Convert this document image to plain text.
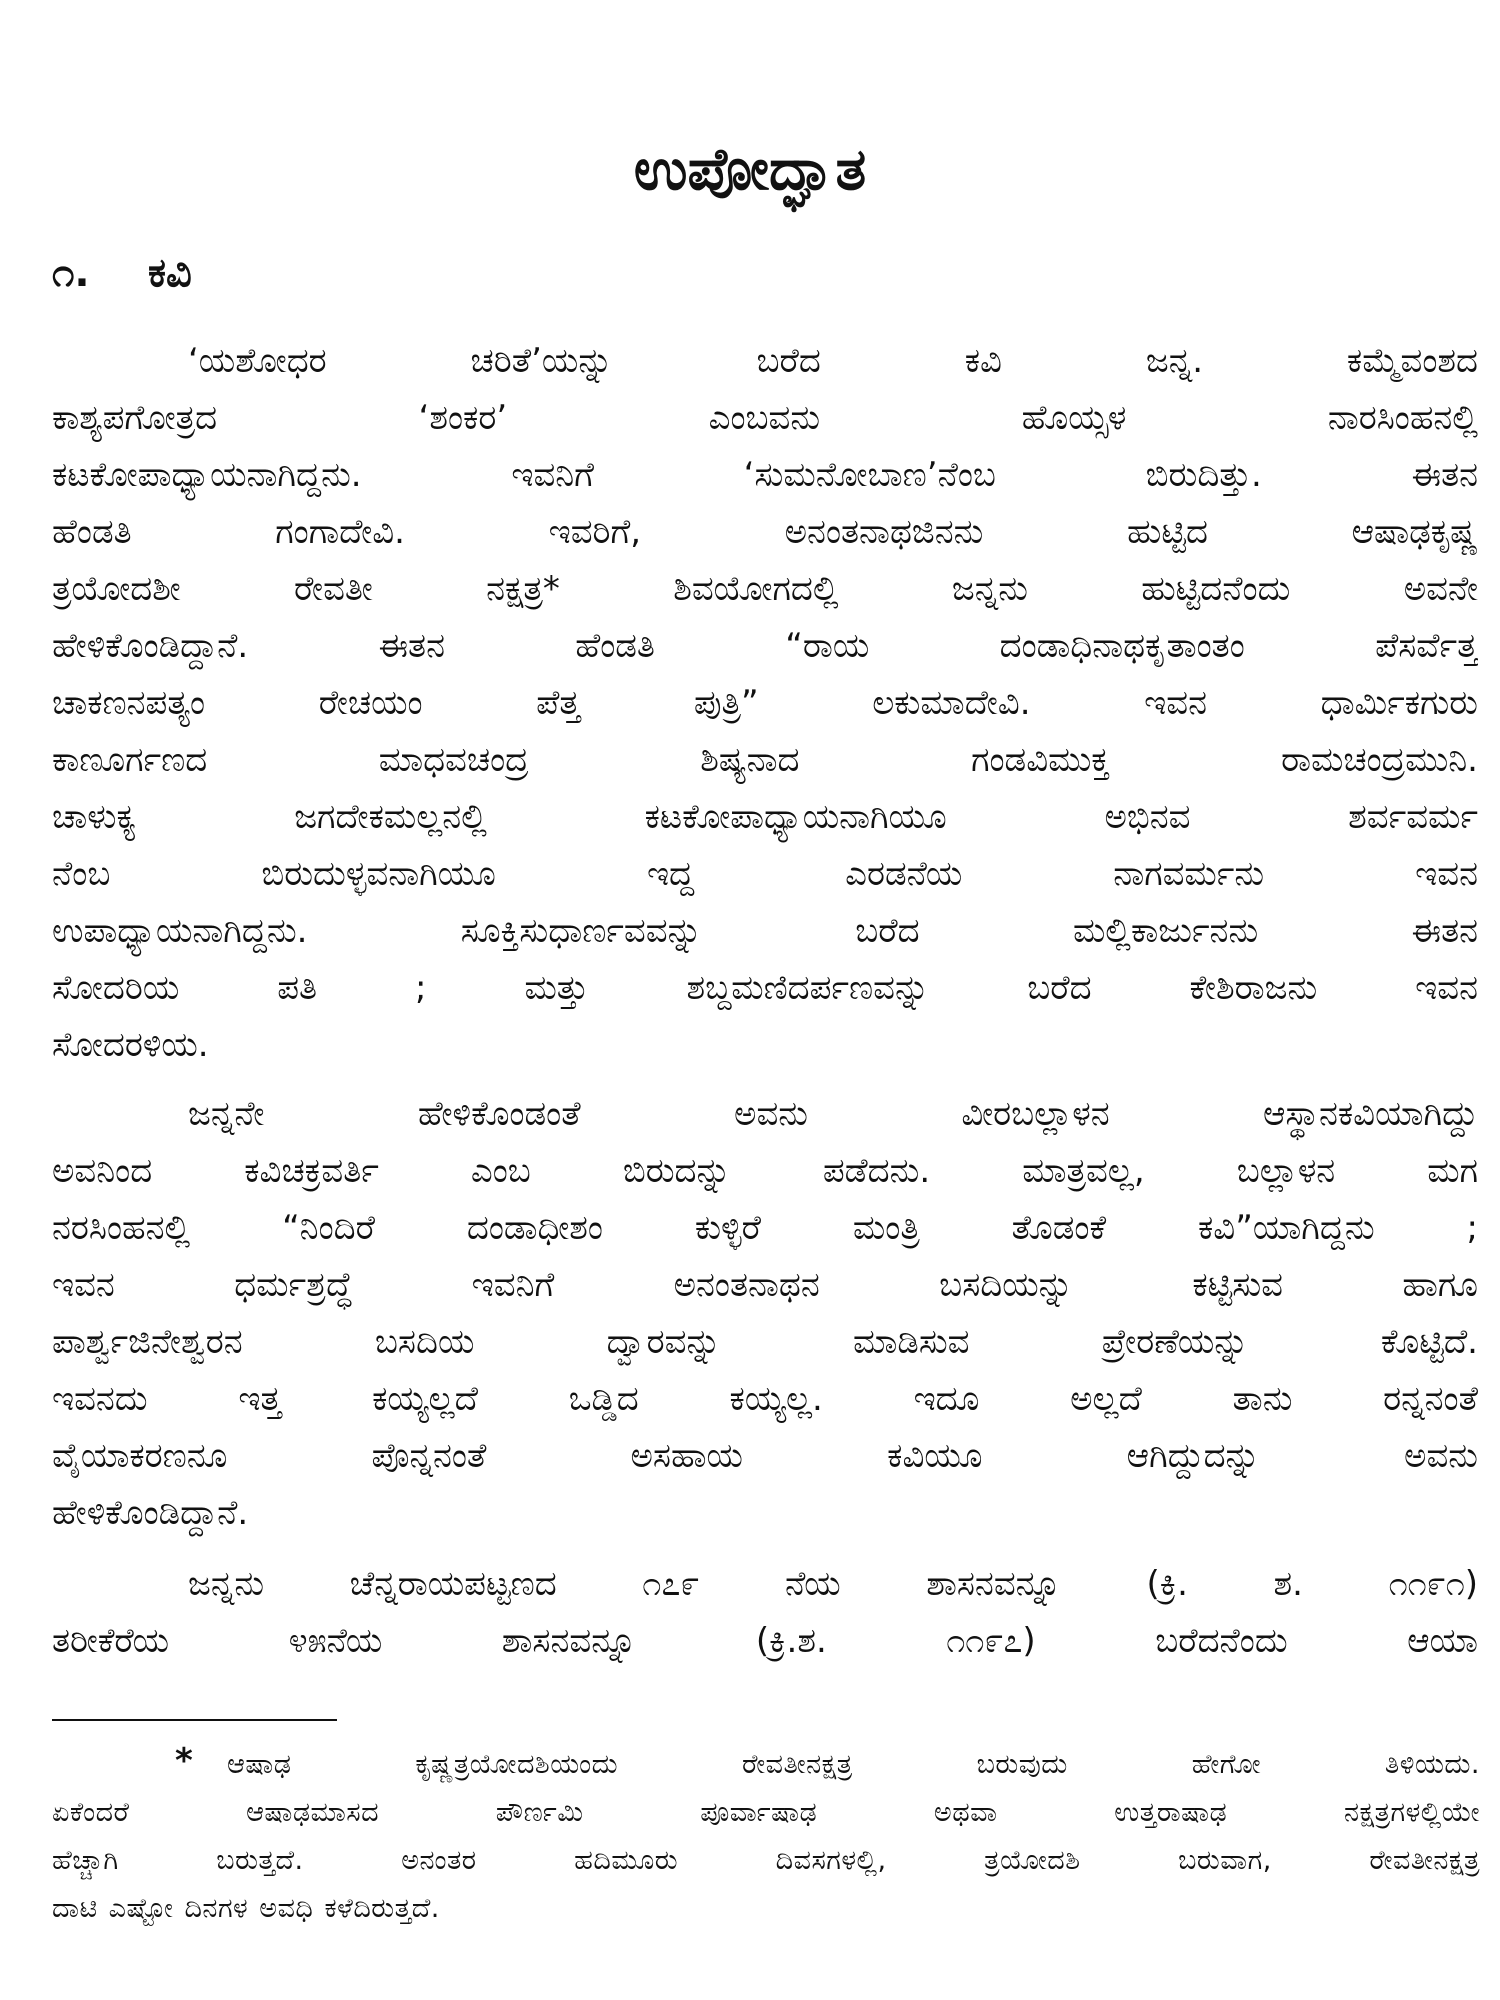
ಉಪೋದ್ಘಾತ
೧. ಕವಿ
‘ಯಶೋಧರ ಚರಿತೆ’ಯನ್ನು ಬರೆದ ಕವಿ ಜನ್ನ. ಕಮ್ಮೆವಂಶದ
ಕಾಶ್ಯಪಗೋತ್ರದ ‘ಶಂಕರ’ ಎಂಬವನು ಹೊಯ್ಸಳ ನಾರಸಿಂಹನಲ್ಲಿ
ಕಟಕೋಪಾಧ್ಯಾಯನಾಗಿದ್ದನು. ಇವನಿಗೆ ‘ಸುಮನೋಬಾಣ’ನೆಂಬ ಬಿರುದಿತ್ತು. ಈತನ
ಹೆಂಡತಿ ಗಂಗಾದೇವಿ. ಇವರಿಗೆ, ಅನಂತನಾಥಜಿನನು ಹುಟ್ಟಿದ ಆಷಾಢಕೃಷ್ಣ
ತ್ರಯೋದಶೀ ರೇವತೀ ನಕ್ಷತ್ರ* ಶಿವಯೋಗದಲ್ಲಿ ಜನ್ನನು ಹುಟ್ಟಿದನೆಂದು ಅವನೇ
ಹೇಳಿಕೊಂಡಿದ್ದಾನೆ. ಈತನ ಹೆಂಡತಿ “ರಾಯ ದಂಡಾಧಿನಾಥಕೃತಾಂತಂ ಪೆಸರ್ವೆತ್ತ
ಚಾಕಣನಪತ್ಯಂ ರೇಚಯಂ ಪೆತ್ತ ಪುತ್ರಿ” ಲಕುಮಾದೇವಿ. ಇವನ ಧಾರ್ಮಿಕಗುರು
ಕಾಣೂರ್ಗಣದ ಮಾಧವಚಂದ್ರ ಶಿಷ್ಯನಾದ ಗಂಡವಿಮುಕ್ತ ರಾಮಚಂದ್ರಮುನಿ.
ಚಾಳುಕ್ಯ ಜಗದೇಕಮಲ್ಲನಲ್ಲಿ ಕಟಕೋಪಾಧ್ಯಾಯನಾಗಿಯೂ ಅಭಿನವ ಶರ್ವವರ್ಮ
ನೆಂಬ ಬಿರುದುಳ್ಳವನಾಗಿಯೂ ಇದ್ದ ಎರಡನೆಯ ನಾಗವರ್ಮನು ಇವನ
ಉಪಾಧ್ಯಾಯನಾಗಿದ್ದನು. ಸೂಕ್ತಿಸುಧಾರ್ಣವವನ್ನು ಬರೆದ ಮಲ್ಲಿಕಾರ್ಜುನನು ಈತನ
ಸೋದರಿಯ ಪತಿ ; ಮತ್ತು ಶಬ್ದಮಣಿದರ್ಪಣವನ್ನು ಬರೆದ ಕೇಶಿರಾಜನು ಇವನ
ಸೋದರಳಿಯ.
ಜನ್ನನೇ ಹೇಳಿಕೊಂಡಂತೆ ಅವನು ವೀರಬಲ್ಲಾಳನ ಆಸ್ಥಾನಕವಿಯಾಗಿದ್ದು
ಅವನಿಂದ ಕವಿಚಕ್ರವರ್ತಿ ಎಂಬ ಬಿರುದನ್ನು ಪಡೆದನು. ಮಾತ್ರವಲ್ಲ, ಬಲ್ಲಾಳನ ಮಗ
ನರಸಿಂಹನಲ್ಲಿ “ನಿಂದಿರೆ ದಂಡಾಧೀಶಂ ಕುಳ್ಳಿರೆ ಮಂತ್ರಿ ತೊಡಂಕೆ ಕವಿ”ಯಾಗಿದ್ದನು ;
ಇವನ ಧರ್ಮಶ್ರದ್ಧೆ ಇವನಿಗೆ ಅನಂತನಾಥನ ಬಸದಿಯನ್ನು ಕಟ್ಟಿಸುವ ಹಾಗೂ
ಪಾರ್ಶ್ವಜಿನೇಶ್ವರನ ಬಸದಿಯ ದ್ವಾರವನ್ನು ಮಾಡಿಸುವ ಪ್ರೇರಣೆಯನ್ನು ಕೊಟ್ಟಿದೆ.
ಇವನದು ಇತ್ತ ಕಯ್ಯಲ್ಲದೆ ಒಡ್ಡಿದ ಕಯ್ಯಲ್ಲ. ಇದೂ ಅಲ್ಲದೆ ತಾನು ರನ್ನನಂತೆ
ವೈಯಾಕರಣನೂ ಪೊನ್ನನಂತೆ ಅಸಹಾಯ ಕವಿಯೂ ಆಗಿದ್ದುದನ್ನು ಅವನು
ಹೇಳಿಕೊಂಡಿದ್ದಾನೆ.
ಜನ್ನನು ಚೆನ್ನರಾಯಪಟ್ಟಣದ ೧೭೯ ನೆಯ ಶಾಸನವನ್ನೂ (ಕ್ರಿ. ಶ. ೧೧೯೧)
ತರೀಕೆರೆಯ ೪೫ನೆಯ ಶಾಸನವನ್ನೂ (ಕ್ರಿ.ಶ. ೧೧೯೭) ಬರೆದನೆಂದು ಆಯಾ
* ಆಷಾಢ ಕೃಷ್ಣತ್ರಯೋದಶಿಯಂದು ರೇವತೀನಕ್ಷತ್ರ ಬರುವುದು ಹೇಗೋ ತಿಳಿಯದು.
ಏಕೆಂದರೆ ಆಷಾಢಮಾಸದ ಪೌರ್ಣಮಿ ಪೂರ್ವಾಷಾಢ ಅಥವಾ ಉತ್ತರಾಷಾಢ ನಕ್ಷತ್ರಗಳಲ್ಲಿಯೇ
ಹೆಚ್ಚಾಗಿ ಬರುತ್ತದೆ. ಅನಂತರ ಹದಿಮೂರು ದಿವಸಗಳಲ್ಲಿ, ತ್ರಯೋದಶಿ ಬರುವಾಗ, ರೇವತೀನಕ್ಷತ್ರ
ದಾಟಿ ಎಷ್ಟೋ ದಿನಗಳ ಅವಧಿ ಕಳೆದಿರುತ್ತದೆ.
